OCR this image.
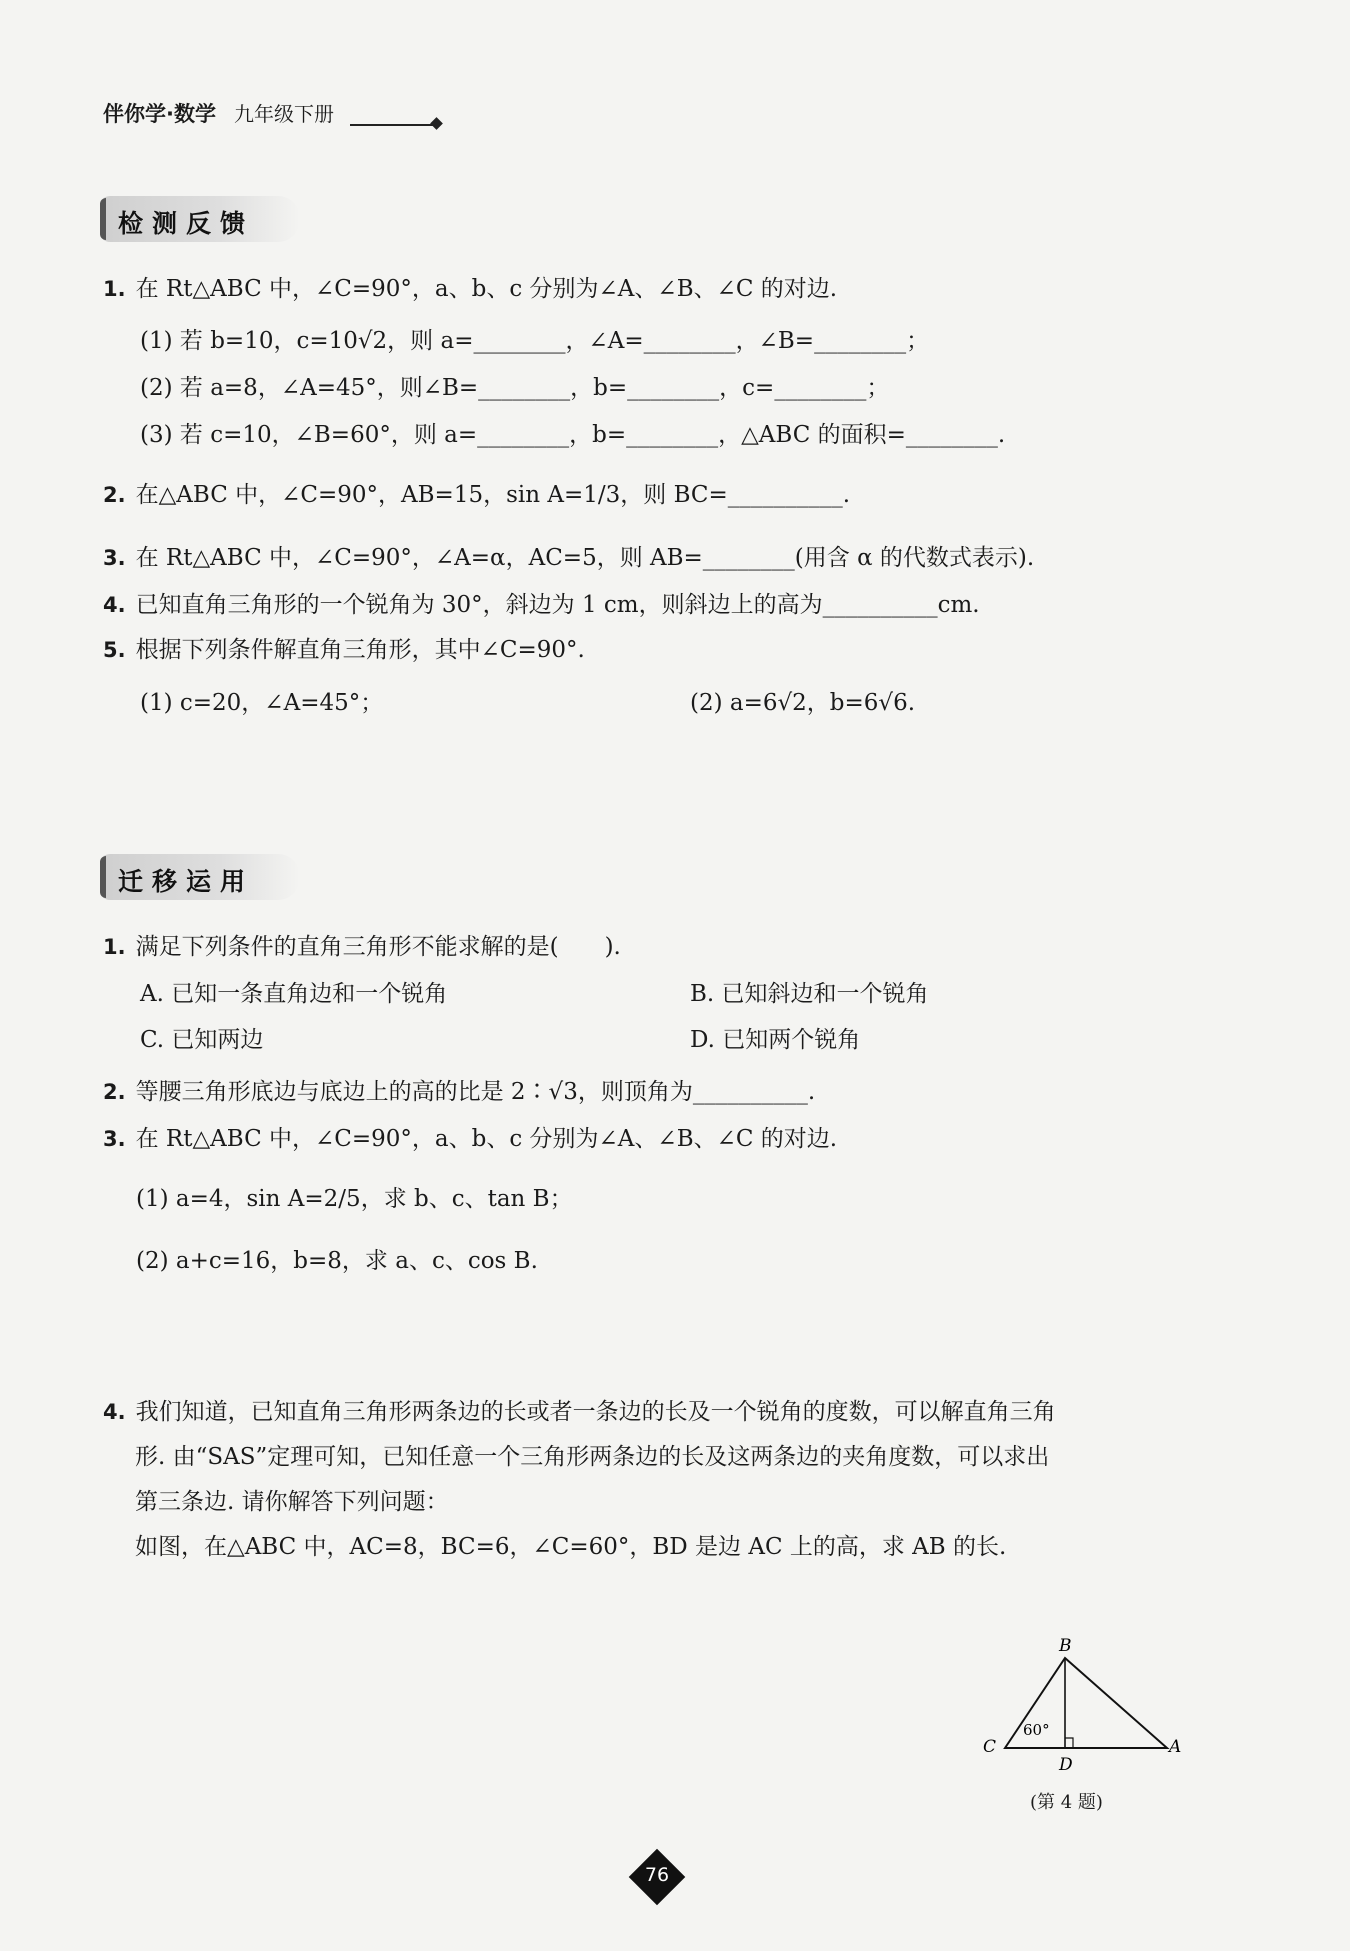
伴你学·数学 九年级下册
检测反馈
1. 在 Rt△ABC 中，∠C=90°，a、b、c 分别为∠A、∠B、∠C 的对边.
(1) 若 b=10，c=10√2，则 a=________，∠A=________，∠B=________；
(2) 若 a=8，∠A=45°，则∠B=________，b=________，c=________；
(3) 若 c=10，∠B=60°，则 a=________，b=________，△ABC 的面积=________.
2. 在△ABC 中，∠C=90°，AB=15，sin A=1/3，则 BC=__________.
3. 在 Rt△ABC 中，∠C=90°，∠A=α，AC=5，则 AB=________(用含 α 的代数式表示).
4. 已知直角三角形的一个锐角为 30°，斜边为 1 cm，则斜边上的高为__________cm.
5. 根据下列条件解直角三角形，其中∠C=90°.
(1) c=20，∠A=45°；	(2) a=6√2，b=6√6.
迁移运用
1. 满足下列条件的直角三角形不能求解的是(　　).
A. 已知一条直角边和一个锐角	B. 已知斜边和一个锐角
C. 已知两边	D. 已知两个锐角
2. 等腰三角形底边与底边上的高的比是 2∶√3，则顶角为__________.
3. 在 Rt△ABC 中，∠C=90°，a、b、c 分别为∠A、∠B、∠C 的对边.
(1) a=4，sin A=2/5，求 b、c、tan B；
(2) a+c=16，b=8，求 a、c、cos B.
4. 我们知道，已知直角三角形两条边的长或者一条边的长及一个锐角的度数，可以解直角三角
形. 由“SAS”定理可知，已知任意一个三角形两条边的长及这两条边的夹角度数，可以求出
第三条边. 请你解答下列问题：
如图，在△ABC 中，AC=8，BC=6，∠C=60°，BD 是边 AC 上的高，求 AB 的长.
B
C
D
A
60°
(第 4 题)
76
